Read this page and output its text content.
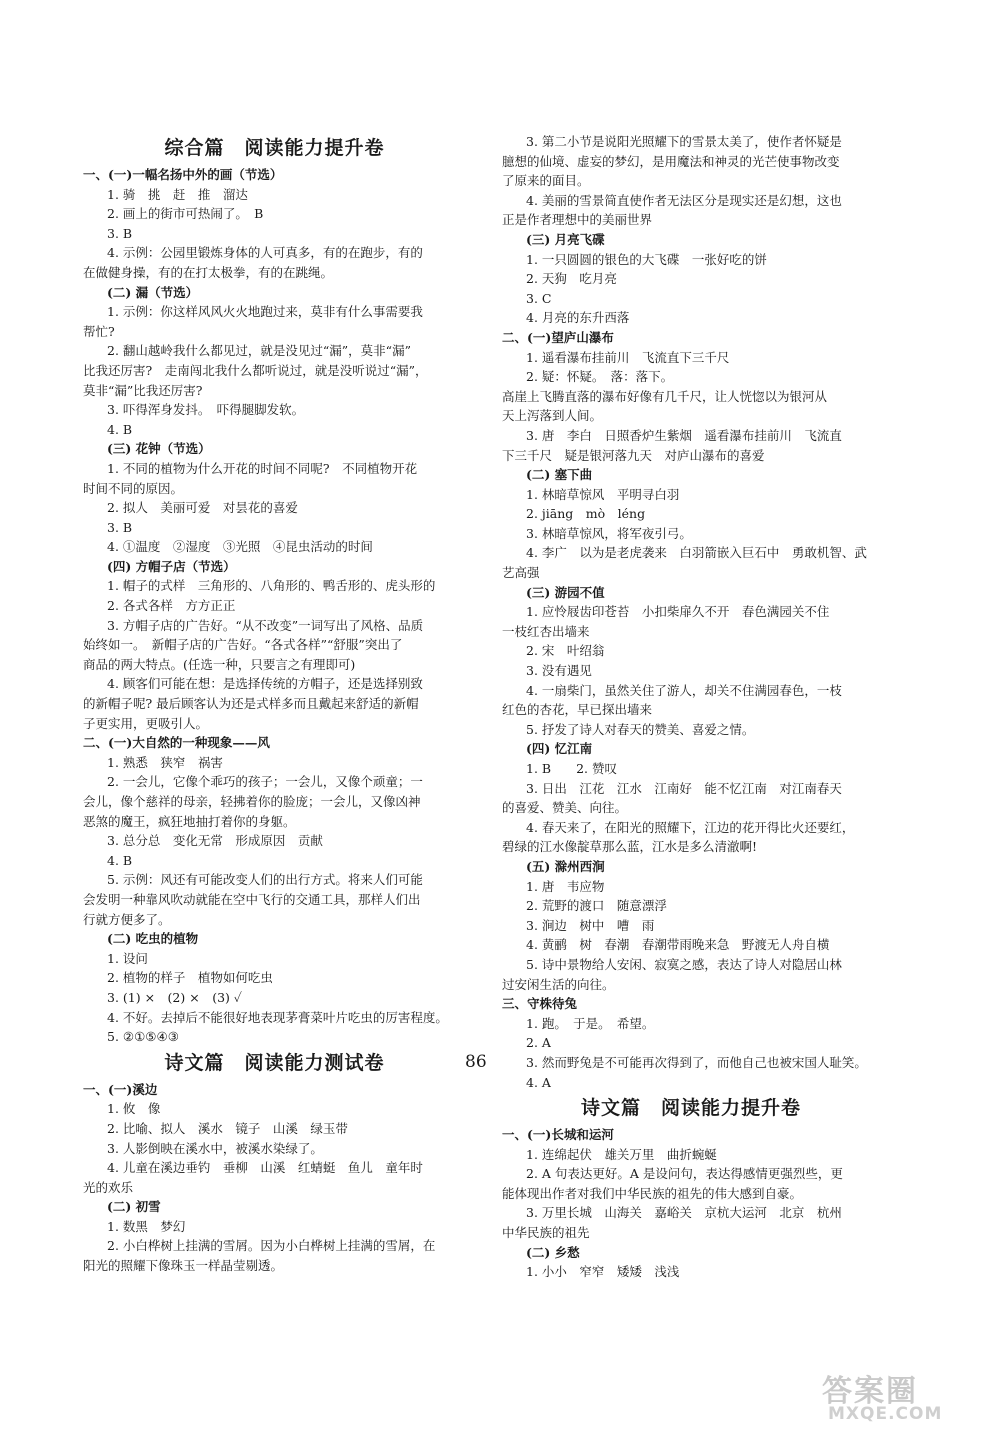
综合篇　阅读能力提升卷
一、(一)一幅名扬中外的画（节选）
1. 骑　挑　赶　推　溜达
2. 画上的街市可热闹了。　B
3. B
4. 示例：公园里锻炼身体的人可真多，有的在跑步，有的
在做健身操，有的在打太极拳，有的在跳绳。
(二) 漏（节选）
1. 示例：你这样风风火火地跑过来，莫非有什么事需要我
帮忙?
2. 翻山越岭我什么都见过，就是没见过“漏”，莫非“漏”
比我还厉害?　走南闯北我什么都听说过，就是没听说过“漏”，
莫非“漏”比我还厉害?
3. 吓得浑身发抖。　吓得腿脚发软。
4. B
(三) 花钟（节选）
1. 不同的植物为什么开花的时间不同呢?　不同植物开花
时间不同的原因。
2. 拟人　美丽可爱　对昙花的喜爱
3. B
4. ①温度　②湿度　③光照　④昆虫活动的时间
(四) 方帽子店（节选）
1. 帽子的式样　三角形的、八角形的、鸭舌形的、虎头形的
2. 各式各样　方方正正
3. 方帽子店的广告好。“从不改变”一词写出了风格、品质
始终如一。　新帽子店的广告好。“各式各样”“舒服”突出了
商品的两大特点。(任选一种，只要言之有理即可)
4. 顾客们可能在想：是选择传统的方帽子，还是选择别致
的新帽子呢? 最后顾客认为还是式样多而且戴起来舒适的新帽
子更实用，更吸引人。
二、(一)大自然的一种现象——风
1. 熟悉　狭窄　祸害
2. 一会儿，它像个乖巧的孩子；一会儿，又像个顽童；一
会儿，像个慈祥的母亲，轻拂着你的脸庞；一会儿，又像凶神
恶煞的魔王，疯狂地抽打着你的身躯。
3. 总分总　变化无常　形成原因　贡献
4. B
5. 示例：风还有可能改变人们的出行方式。将来人们可能
会发明一种靠风吹动就能在空中飞行的交通工具，那样人们出
行就方便多了。
(二) 吃虫的植物
1. 设问
2. 植物的样子　植物如何吃虫
3. (1) ×　(2) ×　(3) ✓
4. 不好。去掉后不能很好地表现茅膏菜叶片吃虫的厉害程度。
5. ②①⑤④③
诗文篇　阅读能力测试卷
一、(一)溪边
1. 攸　像
2. 比喻、拟人　溪水　镜子　山溪　绿玉带
3. 人影倒映在溪水中，被溪水染绿了。
4. 儿童在溪边垂钓　垂柳　山溪　红蜻蜓　鱼儿　童年时
光的欢乐
(二) 初雪
1. 数黑　梦幻
2. 小白桦树上挂满的雪屑。因为小白桦树上挂满的雪屑，在
阳光的照耀下像珠玉一样晶莹剔透。
3. 第二小节是说阳光照耀下的雪景太美了，使作者怀疑是
臆想的仙境、虚妄的梦幻，是用魔法和神灵的光芒使事物改变
了原来的面目。
4. 美丽的雪景简直使作者无法区分是现实还是幻想，这也
正是作者理想中的美丽世界
(三) 月亮飞碟
1. 一只圆圆的银色的大飞碟　一张好吃的饼
2. 天狗　吃月亮
3. C
4. 月亮的东升西落
二、(一)望庐山瀑布
1. 遥看瀑布挂前川　飞流直下三千尺
2. 疑：怀疑。　落：落下。
高崖上飞腾直落的瀑布好像有几千尺，让人恍惚以为银河从
天上泻落到人间。
3. 唐　李白　日照香炉生紫烟　遥看瀑布挂前川　飞流直
下三千尺　疑是银河落九天　对庐山瀑布的喜爱
(二) 塞下曲
1. 林暗草惊风　平明寻白羽
2. jiāng　mò　léng
3. 林暗草惊风，将军夜引弓。
4. 李广　以为是老虎袭来　白羽箭嵌入巨石中　勇敢机智、武
艺高强
(三) 游园不值
1. 应怜屐齿印苍苔　小扣柴扉久不开　春色满园关不住
一枝红杏出墙来
2. 宋　叶绍翁
3. 没有遇见
4. 一扇柴门，虽然关住了游人，却关不住满园春色，一枝
红色的杏花，早已探出墙来
5. 抒发了诗人对春天的赞美、喜爱之情。
(四) 忆江南
1. B　　2. 赞叹
3. 日出　江花　江水　江南好　能不忆江南　对江南春天
的喜爱、赞美、向往。
4. 春天来了，在阳光的照耀下，江边的花开得比火还要红，
碧绿的江水像靛草那么蓝，江水是多么清澈啊!
(五) 滁州西涧
1. 唐　韦应物
2. 荒野的渡口　随意漂浮
3. 涧边　树中　嘈　雨
4. 黄鹂　树　春潮　春潮带雨晚来急　野渡无人舟自横
5. 诗中景物给人安闲、寂寞之感，表达了诗人对隐居山林
过安闲生活的向往。
三、守株待兔
1. 跑。　于是。　希望。
2. A
3. 然而野兔是不可能再次得到了，而他自己也被宋国人耻笑。
4. A
诗文篇　阅读能力提升卷
一、(一)长城和运河
1. 连绵起伏　雄关万里　曲折蜿蜒
2. A 句表达更好。A 是设问句，表达得感情更强烈些，更
能体现出作者对我们中华民族的祖先的伟大感到自豪。
3. 万里长城　山海关　嘉峪关　京杭大运河　北京　杭州
中华民族的祖先
(二) 乡愁
1. 小小　窄窄　矮矮　浅浅
86
答案圈
MXQE.COM
